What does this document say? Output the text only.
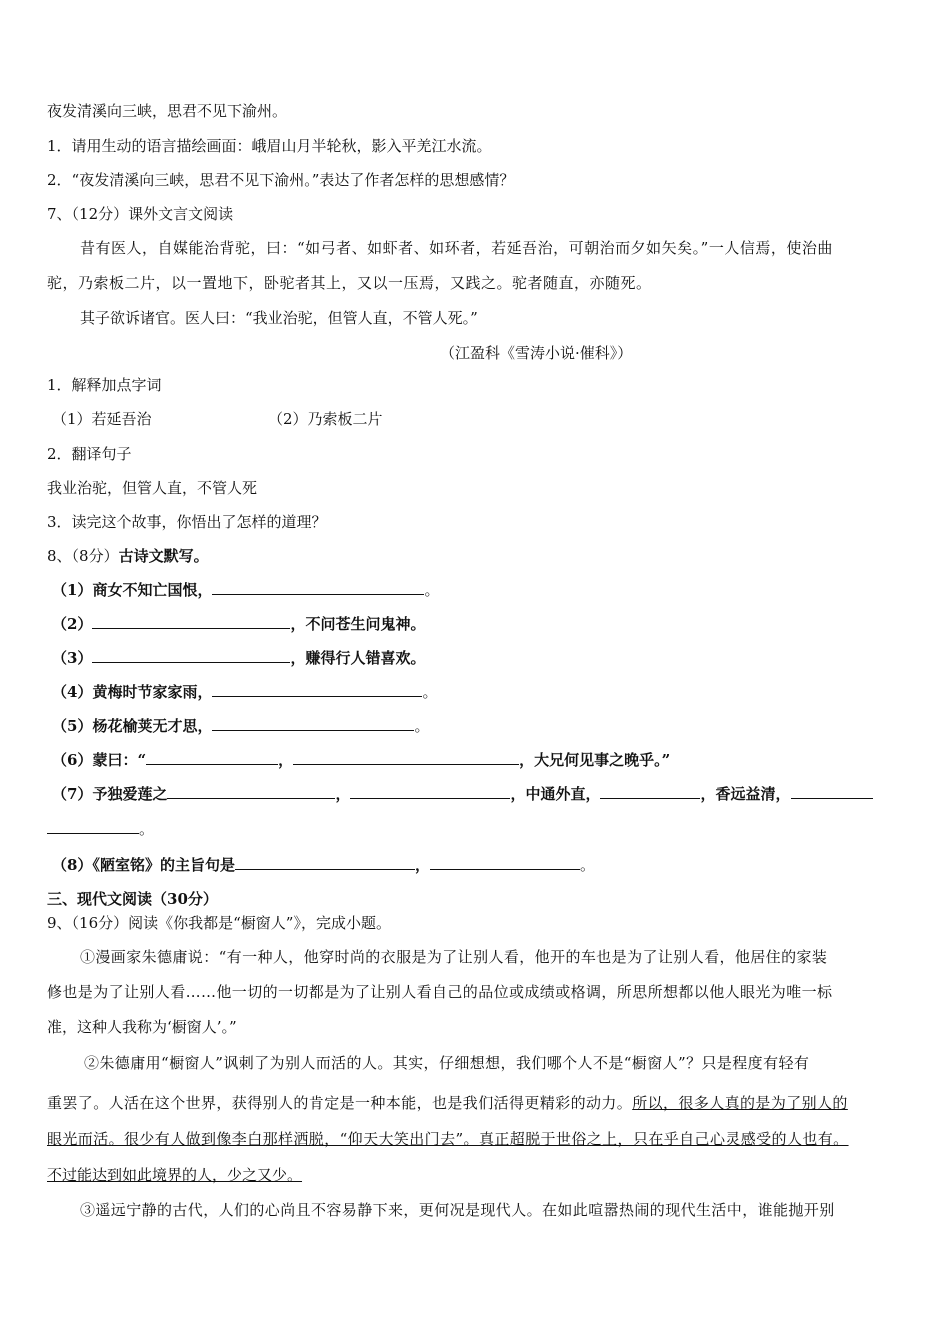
夜发清溪向三峡，思君不见下渝州。
1．请用生动的语言描绘画面：峨眉山月半轮秋，影入平羌江水流。
2．“夜发清溪向三峡，思君不见下渝州。”表达了作者怎样的思想感情？
7、（12分）课外文言文阅读
昔有医人，自媒能治背驼，曰：“如弓者、如虾者、如环者，若延吾治，可朝治而夕如矢矣。”一人信焉，使治曲
驼，乃索板二片，以一置地下，卧驼者其上，又以一压焉，又践之。驼者随直，亦随死。
其子欲诉诸官。医人曰：“我业治驼，但管人直，不管人死。”
（江盈科《雪涛小说·催科》）
1．解释加点字词
（1）若延吾治	（2）乃索板二片
2．翻译句子
我业治驼，但管人直，不管人死
3．读完这个故事，你悟出了怎样的道理？
8、（8分）古诗文默写。
（1）商女不知亡国恨，	。
（2）	，不问苍生问鬼神。
（3）	，赚得行人错喜欢。
（4）黄梅时节家家雨，	。
（5）杨花榆荚无才思，	。
（6）蒙曰：“	，	，大兄何见事之晚乎。”
（7）予独爱莲之	，	，中通外直，	，香远益清，
。
（8）《陋室铭》的主旨句是	，	。
三、现代文阅读（30分）
9、（16分）阅读《你我都是“橱窗人”》，完成小题。
①漫画家朱德庸说：“有一种人，他穿时尚的衣服是为了让别人看，他开的车也是为了让别人看，他居住的家装
修也是为了让别人看……他一切的一切都是为了让别人看自己的品位或成绩或格调，所思所想都以他人眼光为唯一标
准，这种人我称为‘橱窗人’。”
②朱德庸用“橱窗人”讽刺了为别人而活的人。其实，仔细想想，我们哪个人不是“橱窗人”？只是程度有轻有
重罢了。人活在这个世界，获得别人的肯定是一种本能，也是我们活得更精彩的动力。所以，很多人真的是为了别人的
眼光而活。很少有人做到像李白那样洒脱，“仰天大笑出门去”。真正超脱于世俗之上，只在乎自己心灵感受的人也有。
不过能达到如此境界的人，少之又少。
③遥远宁静的古代，人们的心尚且不容易静下来，更何况是现代人。在如此喧嚣热闹的现代生活中，谁能抛开别
